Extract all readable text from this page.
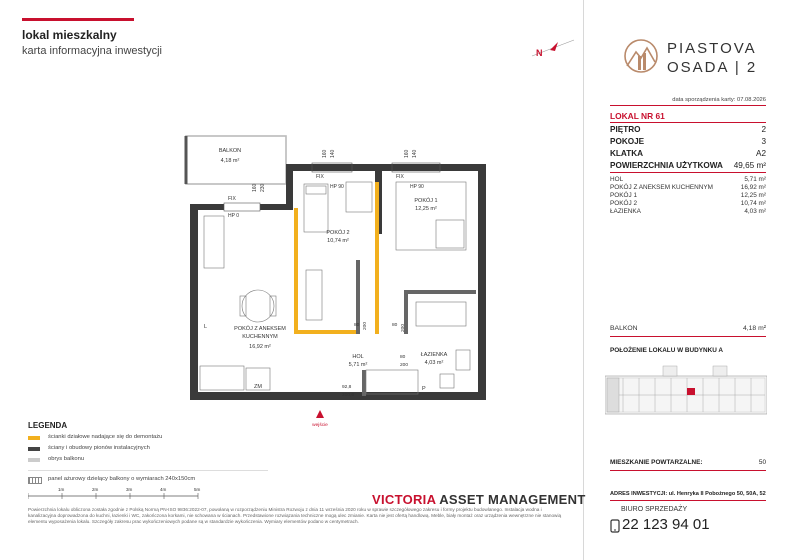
lokal mieszkalny
karta informacyjna inwestycji	N	PIASTOVA
OSADA | 2
data sporządzenia karty: 07.08.2026
LOKAL NR 61
PIĘTRO	2
POKOJE	3
KLATKA	A2
POWIERZCHNIA UŻYTKOWA	49,65 m²
HOL	5,71 m²
POKÓJ Z ANEKSEM KUCHENNYM	16,92 m²
POKÓJ 1	12,25 m²
POKÓJ 2	10,74 m²
ŁAZIENKA	4,03 m²
BALKON	4,18 m²
POŁOŻENIE LOKALU W BUDYNKU A
MIESZKANIE POWTARZALNE:	50
ADRES INWESTYCJI: ul. Henryka II Pobożnego 50, 50A, 52
BIURO SPRZEDAŻY
22 123 94 01
BALKON
4,18 m²
FIX
FIX	FIX
HP 0
HP 90	HP 90
160 230
160 140	160 140
ZM	P
L
POKÓJ 2
10,74 m²
POKÓJ 1
12,25 m²
POKÓJ Z ANEKSEM
KUCHENNYM
16,92 m²
HOL
5,71 m²
ŁAZIENKA
4,03 m²
80 200	80 200
80
200
92,8
200,6
wejście
LEGENDA
ścianki działowe nadające się do demontażu
ściany i obudowy pionów instalacyjnych
obrys balkonu
panel ażurowy dzielący balkony o wymiarach 240x150cm
1m	2m	3m	4m	5m
VICTORIA ASSET MANAGEMENT
Powierzchnia lokalu obliczona została zgodnie z Polską Normą PN-ISO 9836:2022-07, powołaną w rozporządzeniu Ministra Rozwoju z dnia 11 września 2020 roku w sprawie szczegółowego zakresu i formy projektu budowlanego. Instalacja wodna i kanalizacyjna doprowadzona do kuchni, łazienki i WC, zakończona korkami, nie schowana w ścianach. Przedstawione rozwiązania techniczne mogą ulec zmianie. Karta nie jest ofertą handlową. Meble, biały montaż oraz urządzenia wewnętrzne nie stanowią elementu wyposażenia lokalu. Szczegóły zakresu prac wykończeniowych podane są w standardzie wykończenia. Wymiary elementów podano w centymetrach.
